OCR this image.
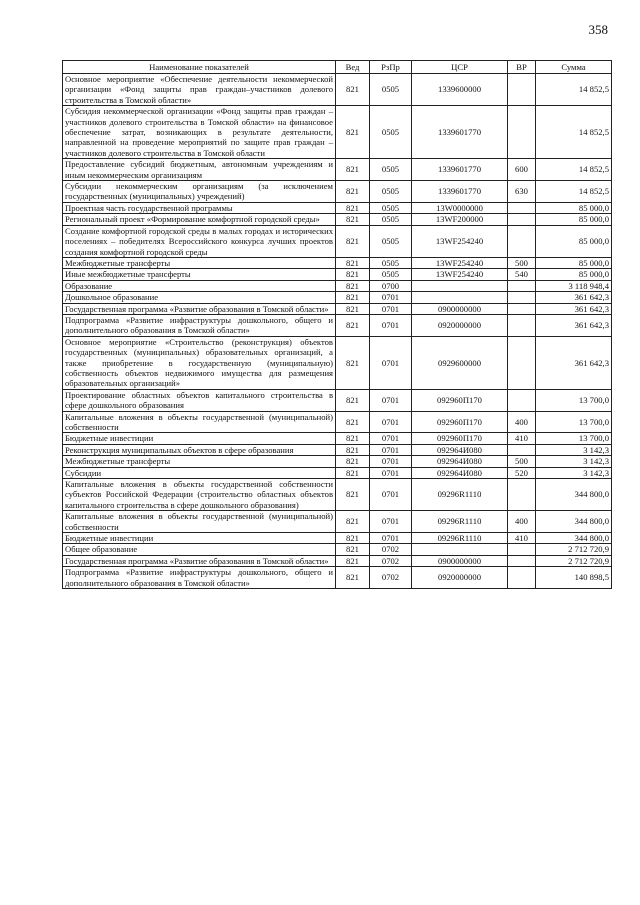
358
Наименование показателей	Вед	РзПр	ЦСР	ВР	Сумма
Основное мероприятие «Обеспечение деятельности некоммерческой организации «Фонд защиты прав граждан–участников долевого строительства в Томской области»	821	0505	1339600000		14 852,5
Субсидия некоммерческой организации «Фонд защиты прав граждан – участников долевого строительства в Томской области» на финансовое обеспечение затрат, возникающих в результате деятельности, направленной на проведение мероприятий по защите прав граждан – участников долевого строительства в Томской области	821	0505	1339601770		14 852,5
Предоставление субсидий бюджетным, автономным учреждениям и иным некоммерческим организациям	821	0505	1339601770	600	14 852,5
Субсидии некоммерческим организациям (за исключением государственных (муниципальных) учреждений)	821	0505	1339601770	630	14 852,5
Проектная часть государственной программы	821	0505	13W0000000		85 000,0
Региональный проект «Формирование комфортной городской среды»	821	0505	13WF200000		85 000,0
Создание комфортной городской среды в малых городах и исторических поселениях – победителях Всероссийского конкурса лучших проектов создания комфортной городской среды	821	0505	13WF254240		85 000,0
Межбюджетные трансферты	821	0505	13WF254240	500	85 000,0
Иные межбюджетные трансферты	821	0505	13WF254240	540	85 000,0
Образование	821	0700			3 118 948,4
Дошкольное образование	821	0701			361 642,3
Государственная программа «Развитие образования в Томской области»	821	0701	0900000000		361 642,3
Подпрограмма «Развитие инфраструктуры дошкольного, общего и дополнительного образования в Томской области»	821	0701	0920000000		361 642,3
Основное мероприятие «Строительство (реконструкция) объектов государственных (муниципальных) образовательных организаций, а также приобретение в государственную (муниципальную) собственность объектов недвижимого имущества для размещения образовательных организаций»	821	0701	0929600000		361 642,3
Проектирование областных объектов капитального строительства в сфере дошкольного образования	821	0701	092960П170		13 700,0
Капитальные вложения в объекты государственной (муниципальной) собственности	821	0701	092960П170	400	13 700,0
Бюджетные инвестиции	821	0701	092960П170	410	13 700,0
Реконструкция муниципальных объектов в сфере образования	821	0701	092964И080		3 142,3
Межбюджетные трансферты	821	0701	092964И080	500	3 142,3
Субсидии	821	0701	092964И080	520	3 142,3
Капитальные вложения в объекты государственной собственности субъектов Российской Федерации (строительство областных объектов капитального строительства в сфере дошкольного образования)	821	0701	09296R1110		344 800,0
Капитальные вложения в объекты государственной (муниципальной) собственности	821	0701	09296R1110	400	344 800,0
Бюджетные инвестиции	821	0701	09296R1110	410	344 800,0
Общее образование	821	0702			2 712 720,9
Государственная программа «Развитие образования в Томской области»	821	0702	0900000000		2 712 720,9
Подпрограмма «Развитие инфраструктуры дошкольного, общего и дополнительного образования в Томской области»	821	0702	0920000000		140 898,5
